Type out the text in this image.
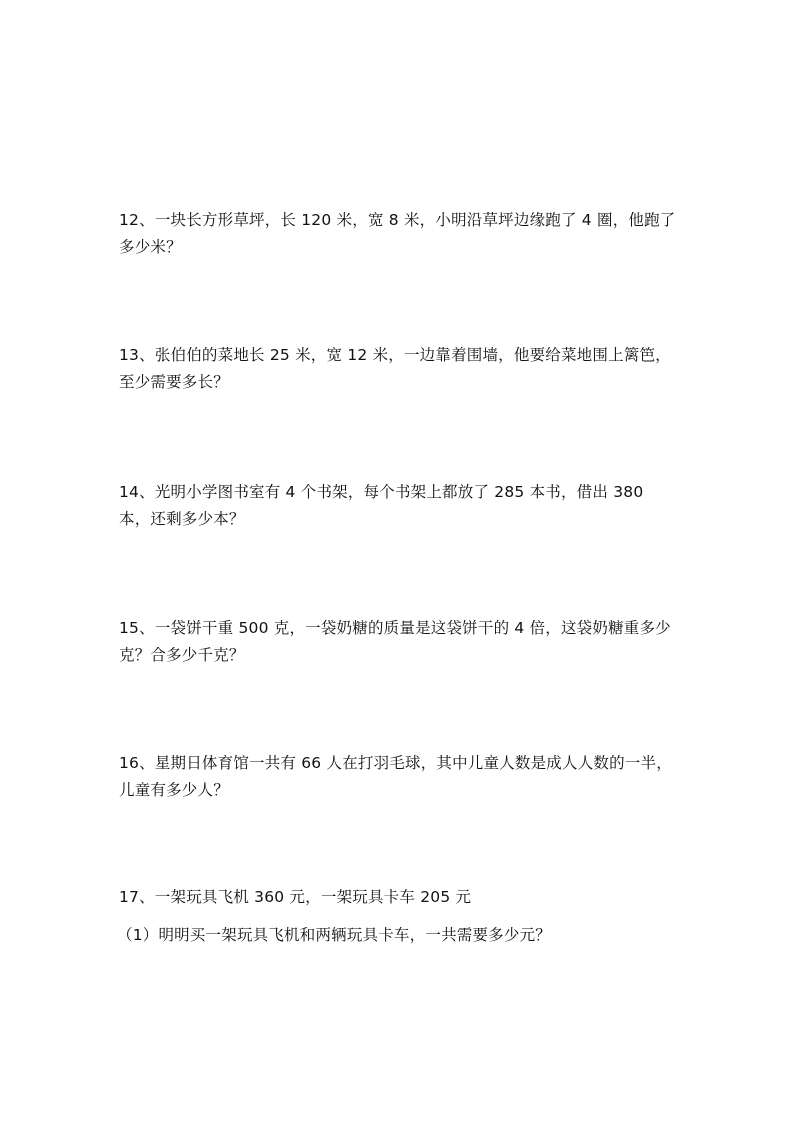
12、一块长方形草坪，长 120 米，宽 8 米，小明沿草坪边缘跑了 4 圈，他跑了多少米？

13、张伯伯的菜地长 25 米，宽 12 米，一边靠着围墙，他要给菜地围上篱笆，至少需要多长？

14、光明小学图书室有 4 个书架，每个书架上都放了 285 本书，借出 380 本，还剩多少本？

15、一袋饼干重 500 克，一袋奶糖的质量是这袋饼干的 4 倍，这袋奶糖重多少克？合多少千克？

16、星期日体育馆一共有 66 人在打羽毛球，其中儿童人数是成人人数的一半，儿童有多少人？

17、一架玩具飞机 360 元，一架玩具卡车 205 元

（1）明明买一架玩具飞机和两辆玩具卡车，一共需要多少元？
